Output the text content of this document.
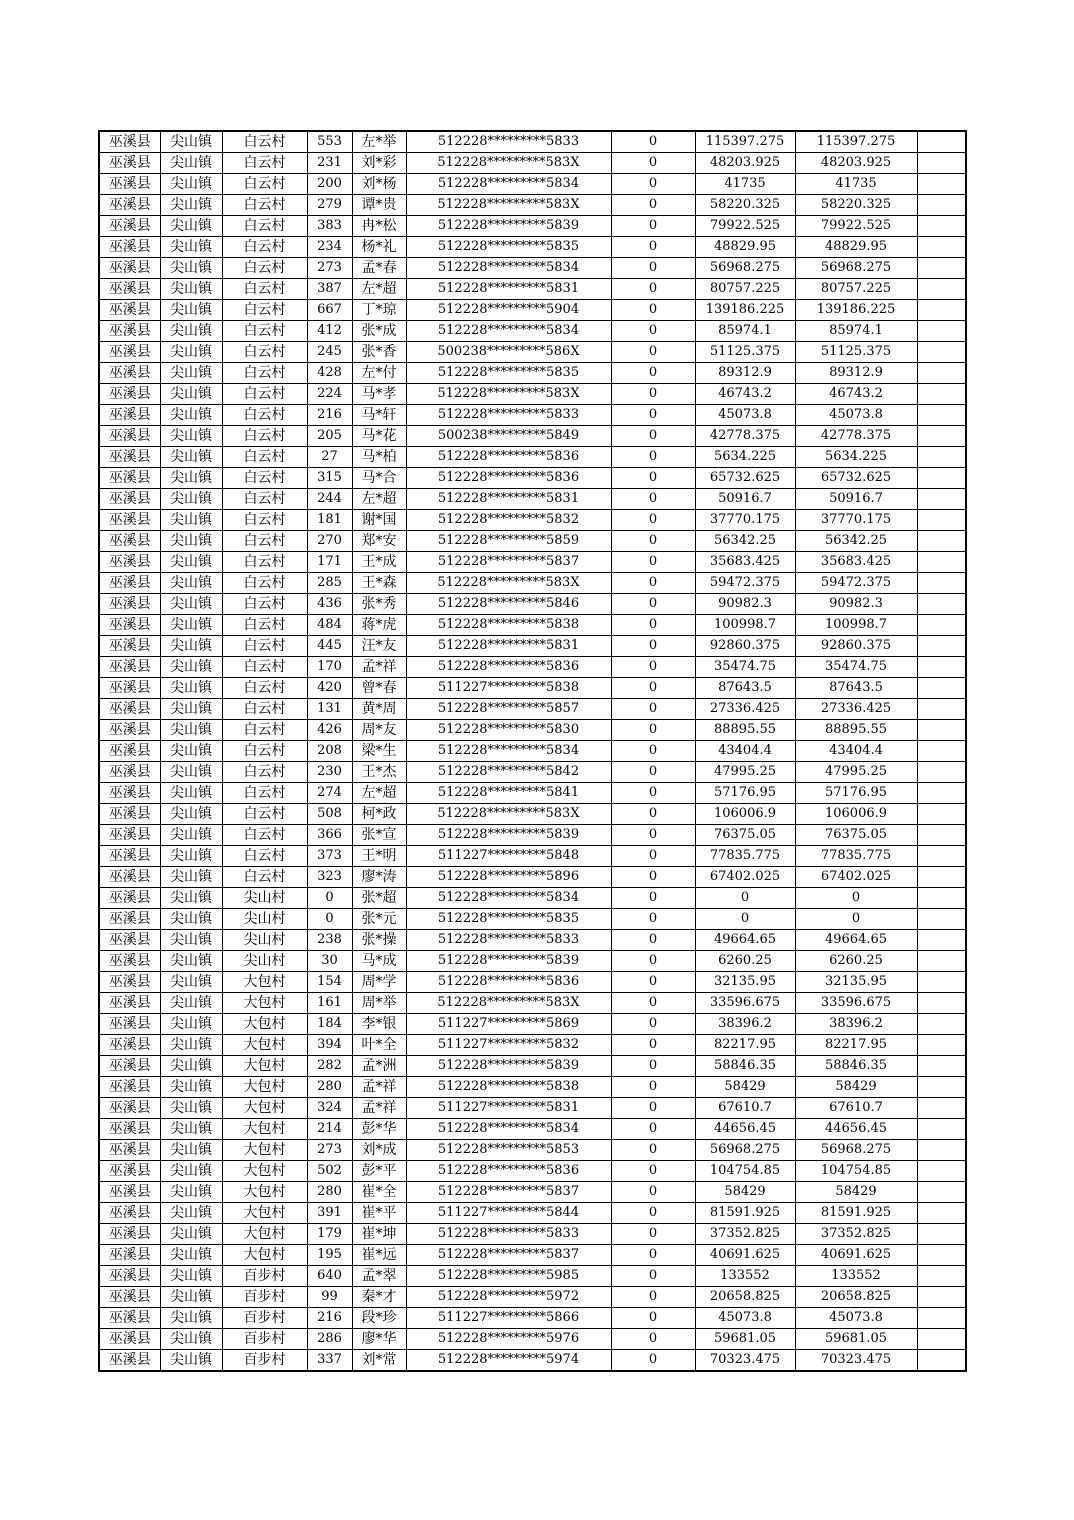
巫溪县	尖山镇	白云村	553	左*举	512228*********5833	0	115397.275	115397.275	
巫溪县	尖山镇	白云村	231	刘*彩	512228*********583X	0	48203.925	48203.925	
巫溪县	尖山镇	白云村	200	刘*杨	512228*********5834	0	41735	41735	
巫溪县	尖山镇	白云村	279	谭*贵	512228*********583X	0	58220.325	58220.325	
巫溪县	尖山镇	白云村	383	冉*松	512228*********5839	0	79922.525	79922.525	
巫溪县	尖山镇	白云村	234	杨*礼	512228*********5835	0	48829.95	48829.95	
巫溪县	尖山镇	白云村	273	孟*春	512228*********5834	0	56968.275	56968.275	
巫溪县	尖山镇	白云村	387	左*超	512228*********5831	0	80757.225	80757.225	
巫溪县	尖山镇	白云村	667	丁*琼	512228*********5904	0	139186.225	139186.225	
巫溪县	尖山镇	白云村	412	张*成	512228*********5834	0	85974.1	85974.1	
巫溪县	尖山镇	白云村	245	张*香	500238*********586X	0	51125.375	51125.375	
巫溪县	尖山镇	白云村	428	左*付	512228*********5835	0	89312.9	89312.9	
巫溪县	尖山镇	白云村	224	马*孝	512228*********583X	0	46743.2	46743.2	
巫溪县	尖山镇	白云村	216	马*轩	512228*********5833	0	45073.8	45073.8	
巫溪县	尖山镇	白云村	205	马*花	500238*********5849	0	42778.375	42778.375	
巫溪县	尖山镇	白云村	27	马*柏	512228*********5836	0	5634.225	5634.225	
巫溪县	尖山镇	白云村	315	马*合	512228*********5836	0	65732.625	65732.625	
巫溪县	尖山镇	白云村	244	左*超	512228*********5831	0	50916.7	50916.7	
巫溪县	尖山镇	白云村	181	谢*国	512228*********5832	0	37770.175	37770.175	
巫溪县	尖山镇	白云村	270	郑*安	512228*********5859	0	56342.25	56342.25	
巫溪县	尖山镇	白云村	171	王*成	512228*********5837	0	35683.425	35683.425	
巫溪县	尖山镇	白云村	285	王*森	512228*********583X	0	59472.375	59472.375	
巫溪县	尖山镇	白云村	436	张*秀	512228*********5846	0	90982.3	90982.3	
巫溪县	尖山镇	白云村	484	蒋*虎	512228*********5838	0	100998.7	100998.7	
巫溪县	尖山镇	白云村	445	汪*友	512228*********5831	0	92860.375	92860.375	
巫溪县	尖山镇	白云村	170	孟*祥	512228*********5836	0	35474.75	35474.75	
巫溪县	尖山镇	白云村	420	曾*春	511227*********5838	0	87643.5	87643.5	
巫溪县	尖山镇	白云村	131	黄*周	512228*********5857	0	27336.425	27336.425	
巫溪县	尖山镇	白云村	426	周*友	512228*********5830	0	88895.55	88895.55	
巫溪县	尖山镇	白云村	208	梁*生	512228*********5834	0	43404.4	43404.4	
巫溪县	尖山镇	白云村	230	王*杰	512228*********5842	0	47995.25	47995.25	
巫溪县	尖山镇	白云村	274	左*超	512228*********5841	0	57176.95	57176.95	
巫溪县	尖山镇	白云村	508	柯*政	512228*********583X	0	106006.9	106006.9	
巫溪县	尖山镇	白云村	366	张*宣	512228*********5839	0	76375.05	76375.05	
巫溪县	尖山镇	白云村	373	王*明	511227*********5848	0	77835.775	77835.775	
巫溪县	尖山镇	白云村	323	廖*涛	512228*********5896	0	67402.025	67402.025	
巫溪县	尖山镇	尖山村	0	张*超	512228*********5834	0	0	0	
巫溪县	尖山镇	尖山村	0	张*元	512228*********5835	0	0	0	
巫溪县	尖山镇	尖山村	238	张*操	512228*********5833	0	49664.65	49664.65	
巫溪县	尖山镇	尖山村	30	马*成	512228*********5839	0	6260.25	6260.25	
巫溪县	尖山镇	大包村	154	周*学	512228*********5836	0	32135.95	32135.95	
巫溪县	尖山镇	大包村	161	周*举	512228*********583X	0	33596.675	33596.675	
巫溪县	尖山镇	大包村	184	李*银	511227*********5869	0	38396.2	38396.2	
巫溪县	尖山镇	大包村	394	叶*全	511227*********5832	0	82217.95	82217.95	
巫溪县	尖山镇	大包村	282	孟*洲	512228*********5839	0	58846.35	58846.35	
巫溪县	尖山镇	大包村	280	孟*祥	512228*********5838	0	58429	58429	
巫溪县	尖山镇	大包村	324	孟*祥	511227*********5831	0	67610.7	67610.7	
巫溪县	尖山镇	大包村	214	彭*华	512228*********5834	0	44656.45	44656.45	
巫溪县	尖山镇	大包村	273	刘*成	512228*********5853	0	56968.275	56968.275	
巫溪县	尖山镇	大包村	502	彭*平	512228*********5836	0	104754.85	104754.85	
巫溪县	尖山镇	大包村	280	崔*全	512228*********5837	0	58429	58429	
巫溪县	尖山镇	大包村	391	崔*平	511227*********5844	0	81591.925	81591.925	
巫溪县	尖山镇	大包村	179	崔*坤	512228*********5833	0	37352.825	37352.825	
巫溪县	尖山镇	大包村	195	崔*远	512228*********5837	0	40691.625	40691.625	
巫溪县	尖山镇	百步村	640	孟*翠	512228*********5985	0	133552	133552	
巫溪县	尖山镇	百步村	99	秦*才	512228*********5972	0	20658.825	20658.825	
巫溪县	尖山镇	百步村	216	段*珍	511227*********5866	0	45073.8	45073.8	
巫溪县	尖山镇	百步村	286	廖*华	512228*********5976	0	59681.05	59681.05	
巫溪县	尖山镇	百步村	337	刘*常	512228*********5974	0	70323.475	70323.475	
